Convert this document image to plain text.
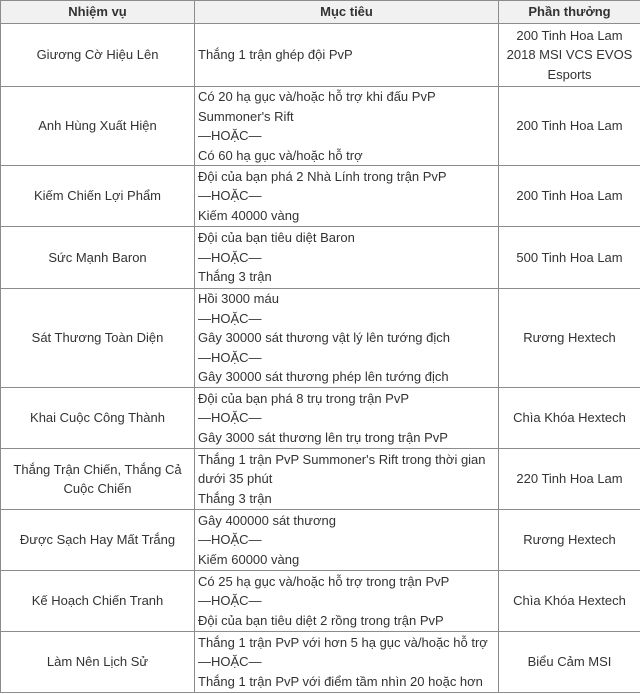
Nhiệm vụ	Mục tiêu	Phần thưởng
Giương Cờ Hiệu Lên	Thắng 1 trận ghép đội PvP	200 Tinh Hoa Lam 2018 MSI VCS EVOS Esports
Anh Hùng Xuất Hiện	Có 20 hạ gục và/hoặc hỗ trợ khi đấu PvP
Summoner's Rift
—HOẶC—
Có 60 hạ gục và/hoặc hỗ trợ	200 Tinh Hoa Lam
Kiếm Chiến Lợi Phẩm	Đội của bạn phá 2 Nhà Lính trong trận PvP
—HOẶC—
Kiếm 40000 vàng	200 Tinh Hoa Lam
Sức Mạnh Baron	Đội của bạn tiêu diệt Baron
—HOẶC—
Thắng 3 trận	500 Tinh Hoa Lam
Sát Thương Toàn Diện	Hồi 3000 máu
—HOẶC—
Gây 30000 sát thương vật lý lên tướng địch
—HOẶC—
Gây 30000 sát thương phép lên tướng địch	Rương Hextech
Khai Cuộc Công Thành	Đội của bạn phá 8 trụ trong trận PvP
—HOẶC—
Gây 3000 sát thương lên trụ trong trận PvP	Chìa Khóa Hextech
Thắng Trận Chiến, Thắng Cả Cuộc Chiến	Thắng 1 trận PvP Summoner's Rift trong thời gian
dưới 35 phút
Thắng 3 trận	220 Tinh Hoa Lam
Được Sạch Hay Mất Trắng	Gây 400000 sát thương
—HOẶC—
Kiếm 60000 vàng	Rương Hextech
Kế Hoạch Chiến Tranh	Có 25 hạ gục và/hoặc hỗ trợ trong trận PvP
—HOẶC—
Đội của bạn tiêu diệt 2 rồng trong trận PvP	Chìa Khóa Hextech
Làm Nên Lịch Sử	Thắng 1 trận PvP với hơn 5 hạ gục và/hoặc hỗ trợ
—HOẶC—
Thắng 1 trận PvP với điểm tầm nhìn 20 hoặc hơn	Biểu Cảm MSI
